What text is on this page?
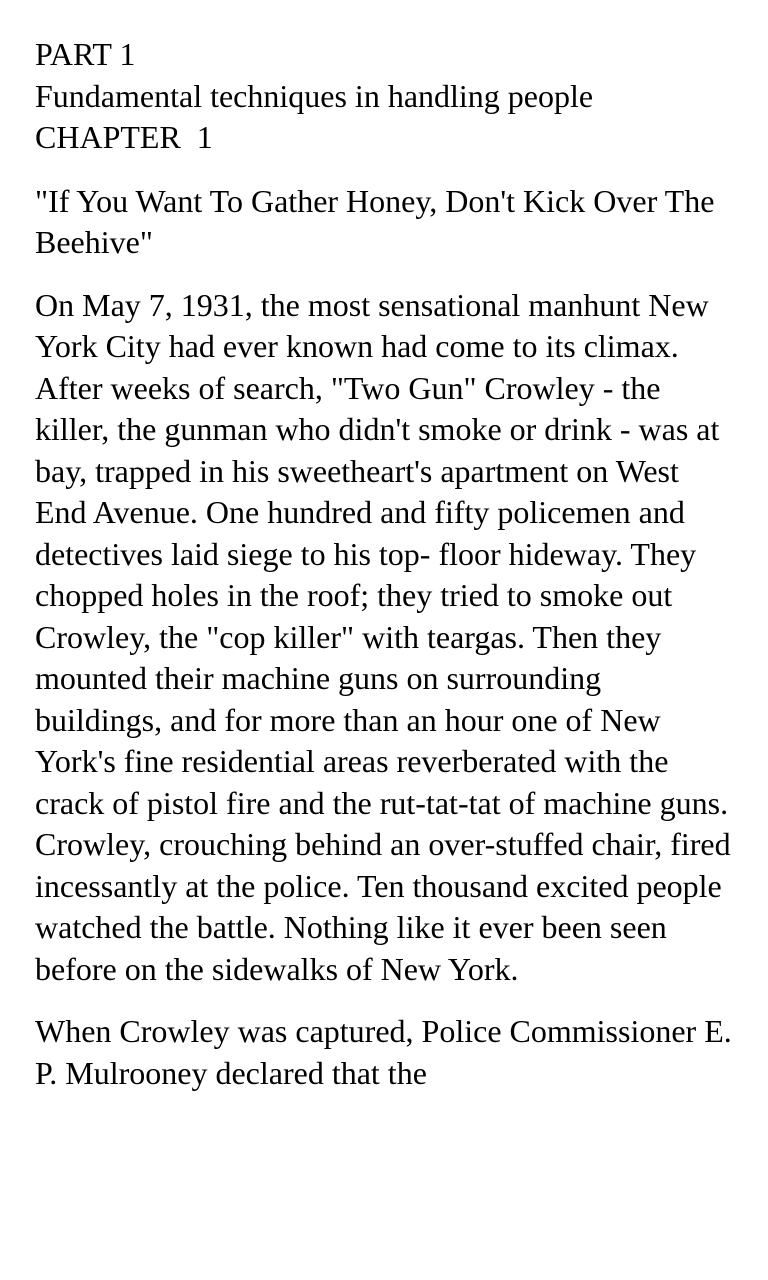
PART 1
Fundamental techniques in handling people
CHAPTER  1

"If You Want To Gather Honey, Don't Kick Over The Beehive"

On May 7, 1931, the most sensational manhunt New York City had ever known had come to its climax. After weeks of search, "Two Gun" Crowley - the killer, the gunman who didn't smoke or drink - was at bay, trapped in his sweetheart's apartment on West End Avenue. One hundred and fifty policemen and detectives laid siege to his top- floor hideway. They chopped holes in the roof; they tried to smoke out Crowley, the "cop killer" with teargas. Then they mounted their machine guns on surrounding buildings, and for more than an hour one of New York's fine residential areas reverberated with the crack of pistol fire and the rut-tat-tat of machine guns. Crowley, crouching behind an over-stuffed chair, fired incessantly at the police. Ten thousand excited people watched the battle. Nothing like it ever been seen before on the sidewalks of New York.

When Crowley was captured, Police Commissioner E. P. Mulrooney declared that the
